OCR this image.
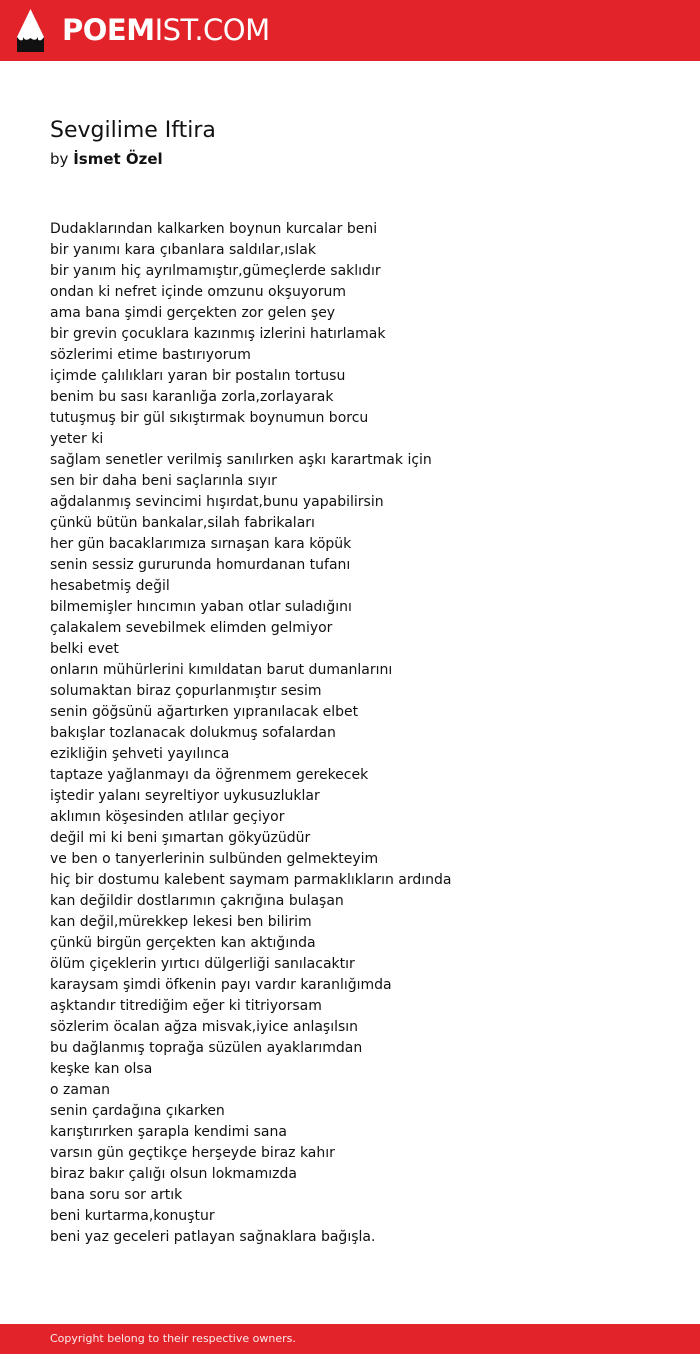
POEMIST.COM
Sevgilime Iftira
by İsmet Özel
Dudaklarından kalkarken boynun kurcalar beni
bir yanımı kara çıbanlara saldılar,ıslak
bir yanım hiç ayrılmamıştır,gümeçlerde saklıdır
ondan ki nefret içinde omzunu okşuyorum
ama bana şimdi gerçekten zor gelen şey
bir grevin çocuklara kazınmış izlerini hatırlamak
sözlerimi etime bastırıyorum
içimde çalılıkları yaran bir postalın tortusu
benim bu sası karanlığa zorla,zorlayarak
tutuşmuş bir gül sıkıştırmak boynumun borcu
yeter ki
sağlam senetler verilmiş sanılırken aşkı karartmak için
sen bir daha beni saçlarınla sıyır
ağdalanmış sevincimi hışırdat,bunu yapabilirsin
çünkü bütün bankalar,silah fabrikaları
her gün bacaklarımıza sırnaşan kara köpük
senin sessiz gururunda homurdanan tufanı
hesabetmiş değil
bilmemişler hıncımın yaban otlar suladığını
çalakalem sevebilmek elimden gelmiyor
belki evet
onların mühürlerini kımıldatan barut dumanlarını
solumaktan biraz çopurlanmıştır sesim
senin göğsünü ağartırken yıpranılacak elbet
bakışlar tozlanacak dolukmuş sofalardan
ezikliğin şehveti yayılınca
taptaze yağlanmayı da öğrenmem gerekecek
iştedir yalanı seyreltiyor uykusuzluklar
aklımın köşesinden atlılar geçiyor
değil mi ki beni şımartan gökyüzüdür
ve ben o tanyerlerinin sulbünden gelmekteyim
hiç bir dostumu kalebent saymam parmaklıkların ardında
kan değildir dostlarımın çakrığına bulaşan
kan değil,mürekkep lekesi ben bilirim
çünkü birgün gerçekten kan aktığında
ölüm çiçeklerin yırtıcı dülgerliği sanılacaktır
karaysam şimdi öfkenin payı vardır karanlığımda
aşktandır titrediğim eğer ki titriyorsam
sözlerim öcalan ağza misvak,iyice anlaşılsın
bu dağlanmış toprağa süzülen ayaklarımdan
keşke kan olsa
o zaman
senin çardağına çıkarken
karıştırırken şarapla kendimi sana
varsın gün geçtikçe herşeyde biraz kahır
biraz bakır çalığı olsun lokmamızda
bana soru sor artık
beni kurtarma,konuştur
beni yaz geceleri patlayan sağnaklara bağışla.
Copyright belong to their respective owners.
